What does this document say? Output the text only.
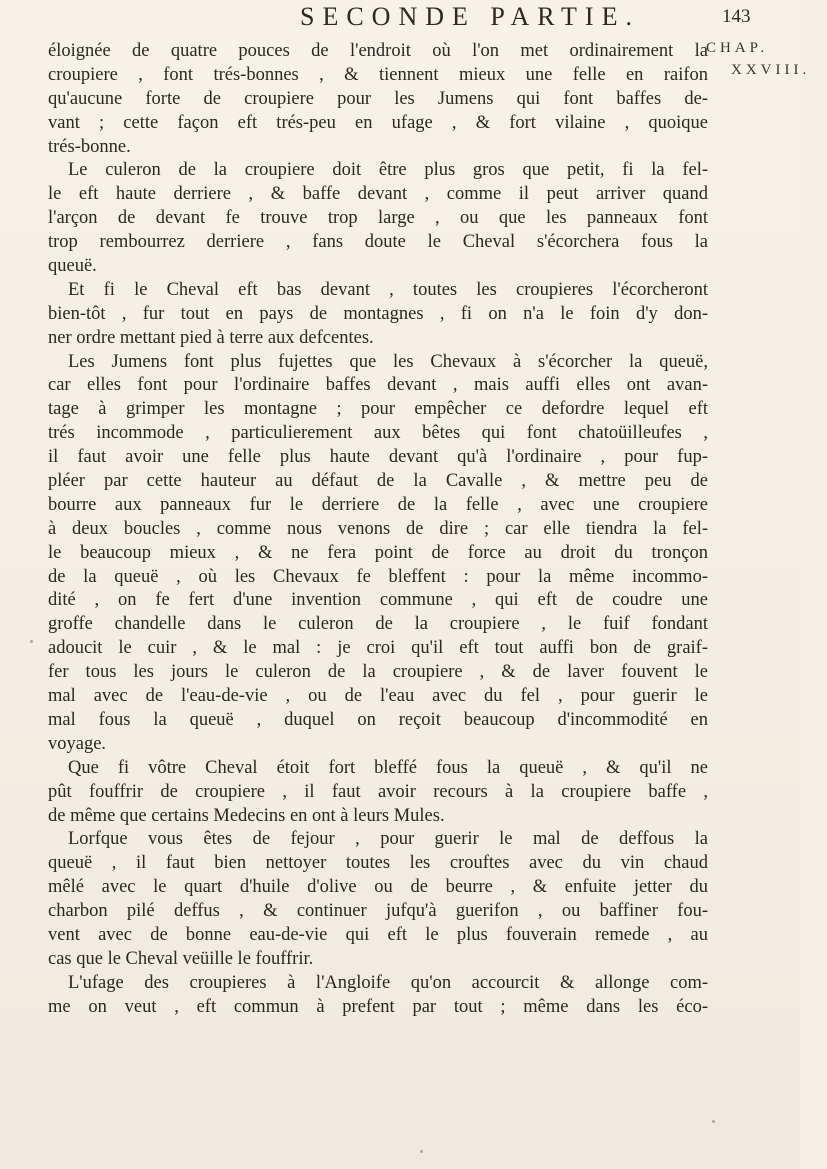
SECONDE PARTIE.	143
CHAP.
XXVIII.
éloignée de quatre pouces de l'endroit où l'on met ordinairement la
croupiere , font trés-bonnes , & tiennent mieux une felle en raifon
qu'aucune forte de croupiere pour les Jumens qui font baffes de-
vant ; cette façon eft trés-peu en ufage , & fort vilaine , quoique
trés-bonne.
Le culeron de la croupiere doit être plus gros que petit, fi la fel-
le eft haute derriere , & baffe devant , comme il peut arriver quand
l'arçon de devant fe trouve trop large , ou que les panneaux font
trop rembourrez derriere , fans doute le Cheval s'écorchera fous la
queuë.
Et fi le Cheval eft bas devant , toutes les croupieres l'écorcheront
bien-tôt , fur tout en pays de montagnes , fi on n'a le foin d'y don-
ner ordre mettant pied à terre aux defcentes.
Les Jumens font plus fujettes que les Chevaux à s'écorcher la queuë,
car elles font pour l'ordinaire baffes devant , mais auffi elles ont avan-
tage à grimper les montagne ; pour empêcher ce defordre lequel eft
trés incommode , particulierement aux bêtes qui font chatoüilleufes ,
il faut avoir une felle plus haute devant qu'à l'ordinaire , pour fup-
pléer par cette hauteur au défaut de la Cavalle , & mettre peu de
bourre aux panneaux fur le derriere de la felle , avec une croupiere
à deux boucles , comme nous venons de dire ; car elle tiendra la fel-
le beaucoup mieux , & ne fera point de force au droit du tronçon
de la queuë , où les Chevaux fe bleffent : pour la même incommo-
dité , on fe fert d'une invention commune , qui eft de coudre une
groffe chandelle dans le culeron de la croupiere , le fuif fondant
adoucit le cuir , & le mal : je croi qu'il eft tout auffi bon de graif-
fer tous les jours le culeron de la croupiere , & de laver fouvent le
mal avec de l'eau-de-vie , ou de l'eau avec du fel , pour guerir le
mal fous la queuë , duquel on reçoit beaucoup d'incommodité en
voyage.
Que fi vôtre Cheval étoit fort bleffé fous la queuë , & qu'il ne
pût fouffrir de croupiere , il faut avoir recours à la croupiere baffe ,
de même que certains Medecins en ont à leurs Mules.
Lorfque vous êtes de fejour , pour guerir le mal de deffous la
queuë , il faut bien nettoyer toutes les crouftes avec du vin chaud
mêlé avec le quart d'huile d'olive ou de beurre , & enfuite jetter du
charbon pilé deffus , & continuer jufqu'à guerifon , ou baffiner fou-
vent avec de bonne eau-de-vie qui eft le plus fouverain remede , au
cas que le Cheval veüille le fouffrir.
L'ufage des croupieres à l'Angloife qu'on accourcit & allonge com-
me on veut , eft commun à prefent par tout ; même dans les éco-
